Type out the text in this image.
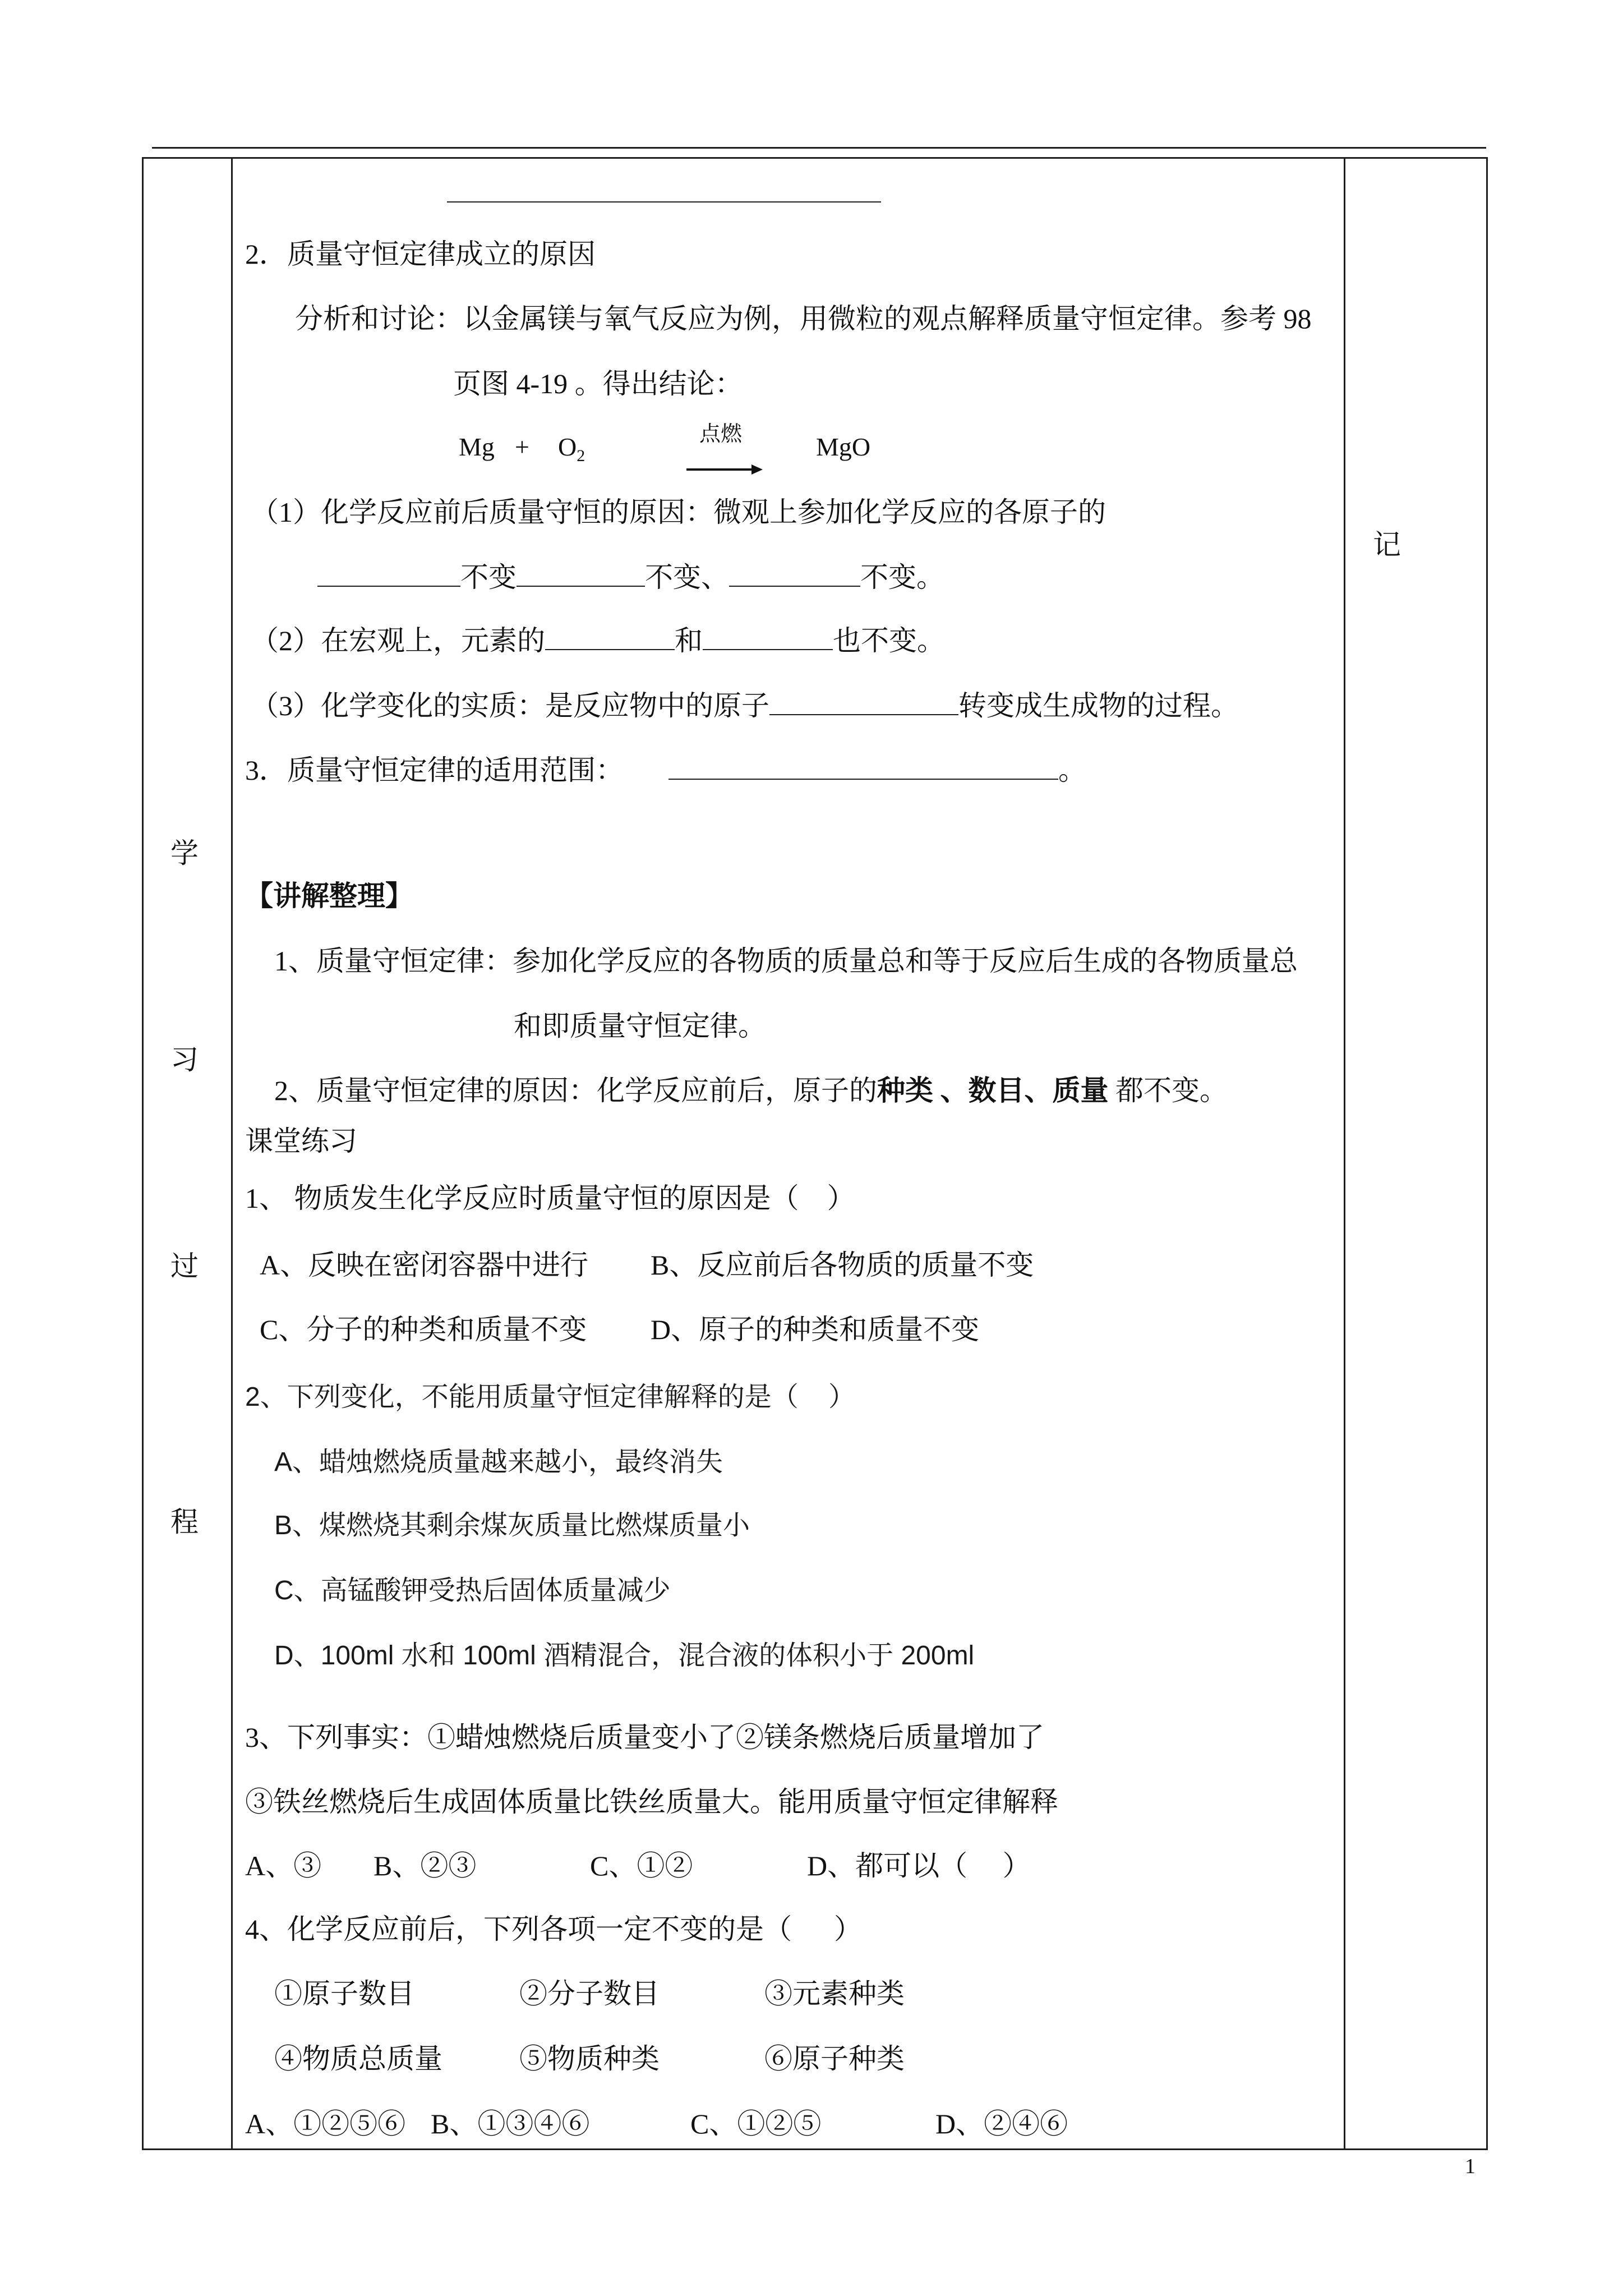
学
习
过
程
记
2．质量守恒定律成立的原因
分析和讨论：以金属镁与氧气反应为例，用微粒的观点解释质量守恒定律。参考 98
页图 4-19 。得出结论：
$Mg + O_2$
点燃	MgO
（1）化学反应前后质量守恒的原因：微观上参加化学反应的各原子的
不变	不变、	不变。
（2）在宏观上，元素的	和	也不变。
（3）化学变化的实质：是反应物中的原子	转变成生成物的过程。
3．质量守恒定律的适用范围：	。
【讲解整理】
1、质量守恒定律：参加化学反应的各物质的质量总和等于反应后生成的各物质量总
和即质量守恒定律。
2、质量守恒定律的原因：化学反应前后，原子的种类 、数目、质量 都不变。
课堂练习
1、 物质发生化学反应时质量守恒的原因是（    ）
A、反映在密闭容器中进行 B、反应前后各物质的质量不变
C、分子的种类和质量不变 D、原子的种类和质量不变
2、下列变化，不能用质量守恒定律解释的是（    ）
A、蜡烛燃烧质量越来越小，最终消失
B、煤燃烧其剩余煤灰质量比燃煤质量小
C、高锰酸钾受热后固体质量减少
D、100ml 水和 100ml 酒精混合，混合液的体积小于 200ml
3、下列事实：①蜡烛燃烧后质量变小了②镁条燃烧后质量增加了
③铁丝燃烧后生成固体质量比铁丝质量大。能用质量守恒定律解释
A、③ B、②③	C、①②	D、都可以（     ）
4、化学反应前后，下列各项一定不变的是（      ）
①原子数目	②分子数目	③元素种类
④物质总质量	⑤物质种类	⑥原子种类
A、①②⑤⑥ B、①③④⑥	C、①②⑤	D、②④⑥
1
